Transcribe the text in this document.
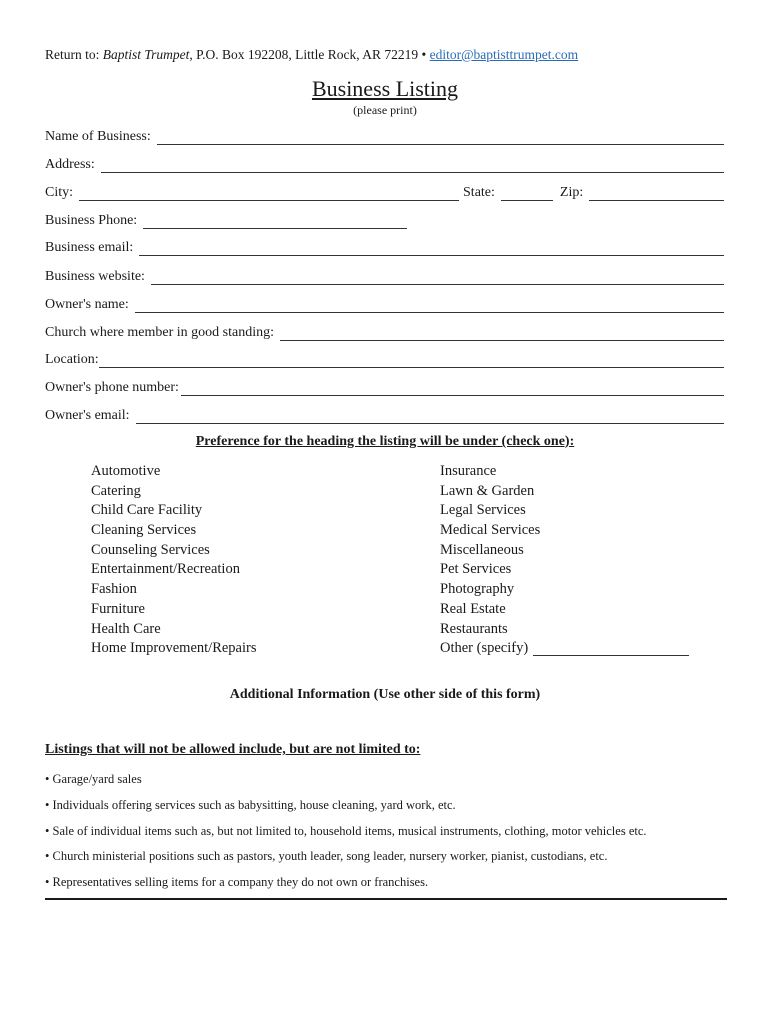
Return to: Baptist Trumpet, P.O. Box 192208, Little Rock, AR 72219 • editor@baptisttrumpet.com
Business Listing
(please print)
Name of Business:
Address:
City:	State:	Zip:
Business Phone:
Business email:
Business website:
Owner's name:
Church where member in good standing:
Location:
Owner's phone number:
Owner's email:
Preference for the heading the listing will be under (check one):
Automotive
Catering
Child Care Facility
Cleaning Services
Counseling Services
Entertainment/Recreation
Fashion
Furniture
Health Care
Home Improvement/Repairs
Insurance
Lawn & Garden
Legal Services
Medical Services
Miscellaneous
Pet Services
Photography
Real Estate
Restaurants
Other (specify)
Additional Information (Use other side of this form)
Listings that will not be allowed include, but are not limited to:
• Garage/yard sales
• Individuals offering services such as babysitting, house cleaning, yard work, etc.
• Sale of individual items such as, but not limited to, household items, musical instruments, clothing, motor vehicles etc.
• Church ministerial positions such as pastors, youth leader, song leader, nursery worker, pianist, custodians, etc.
• Representatives selling items for a company they do not own or franchises.
